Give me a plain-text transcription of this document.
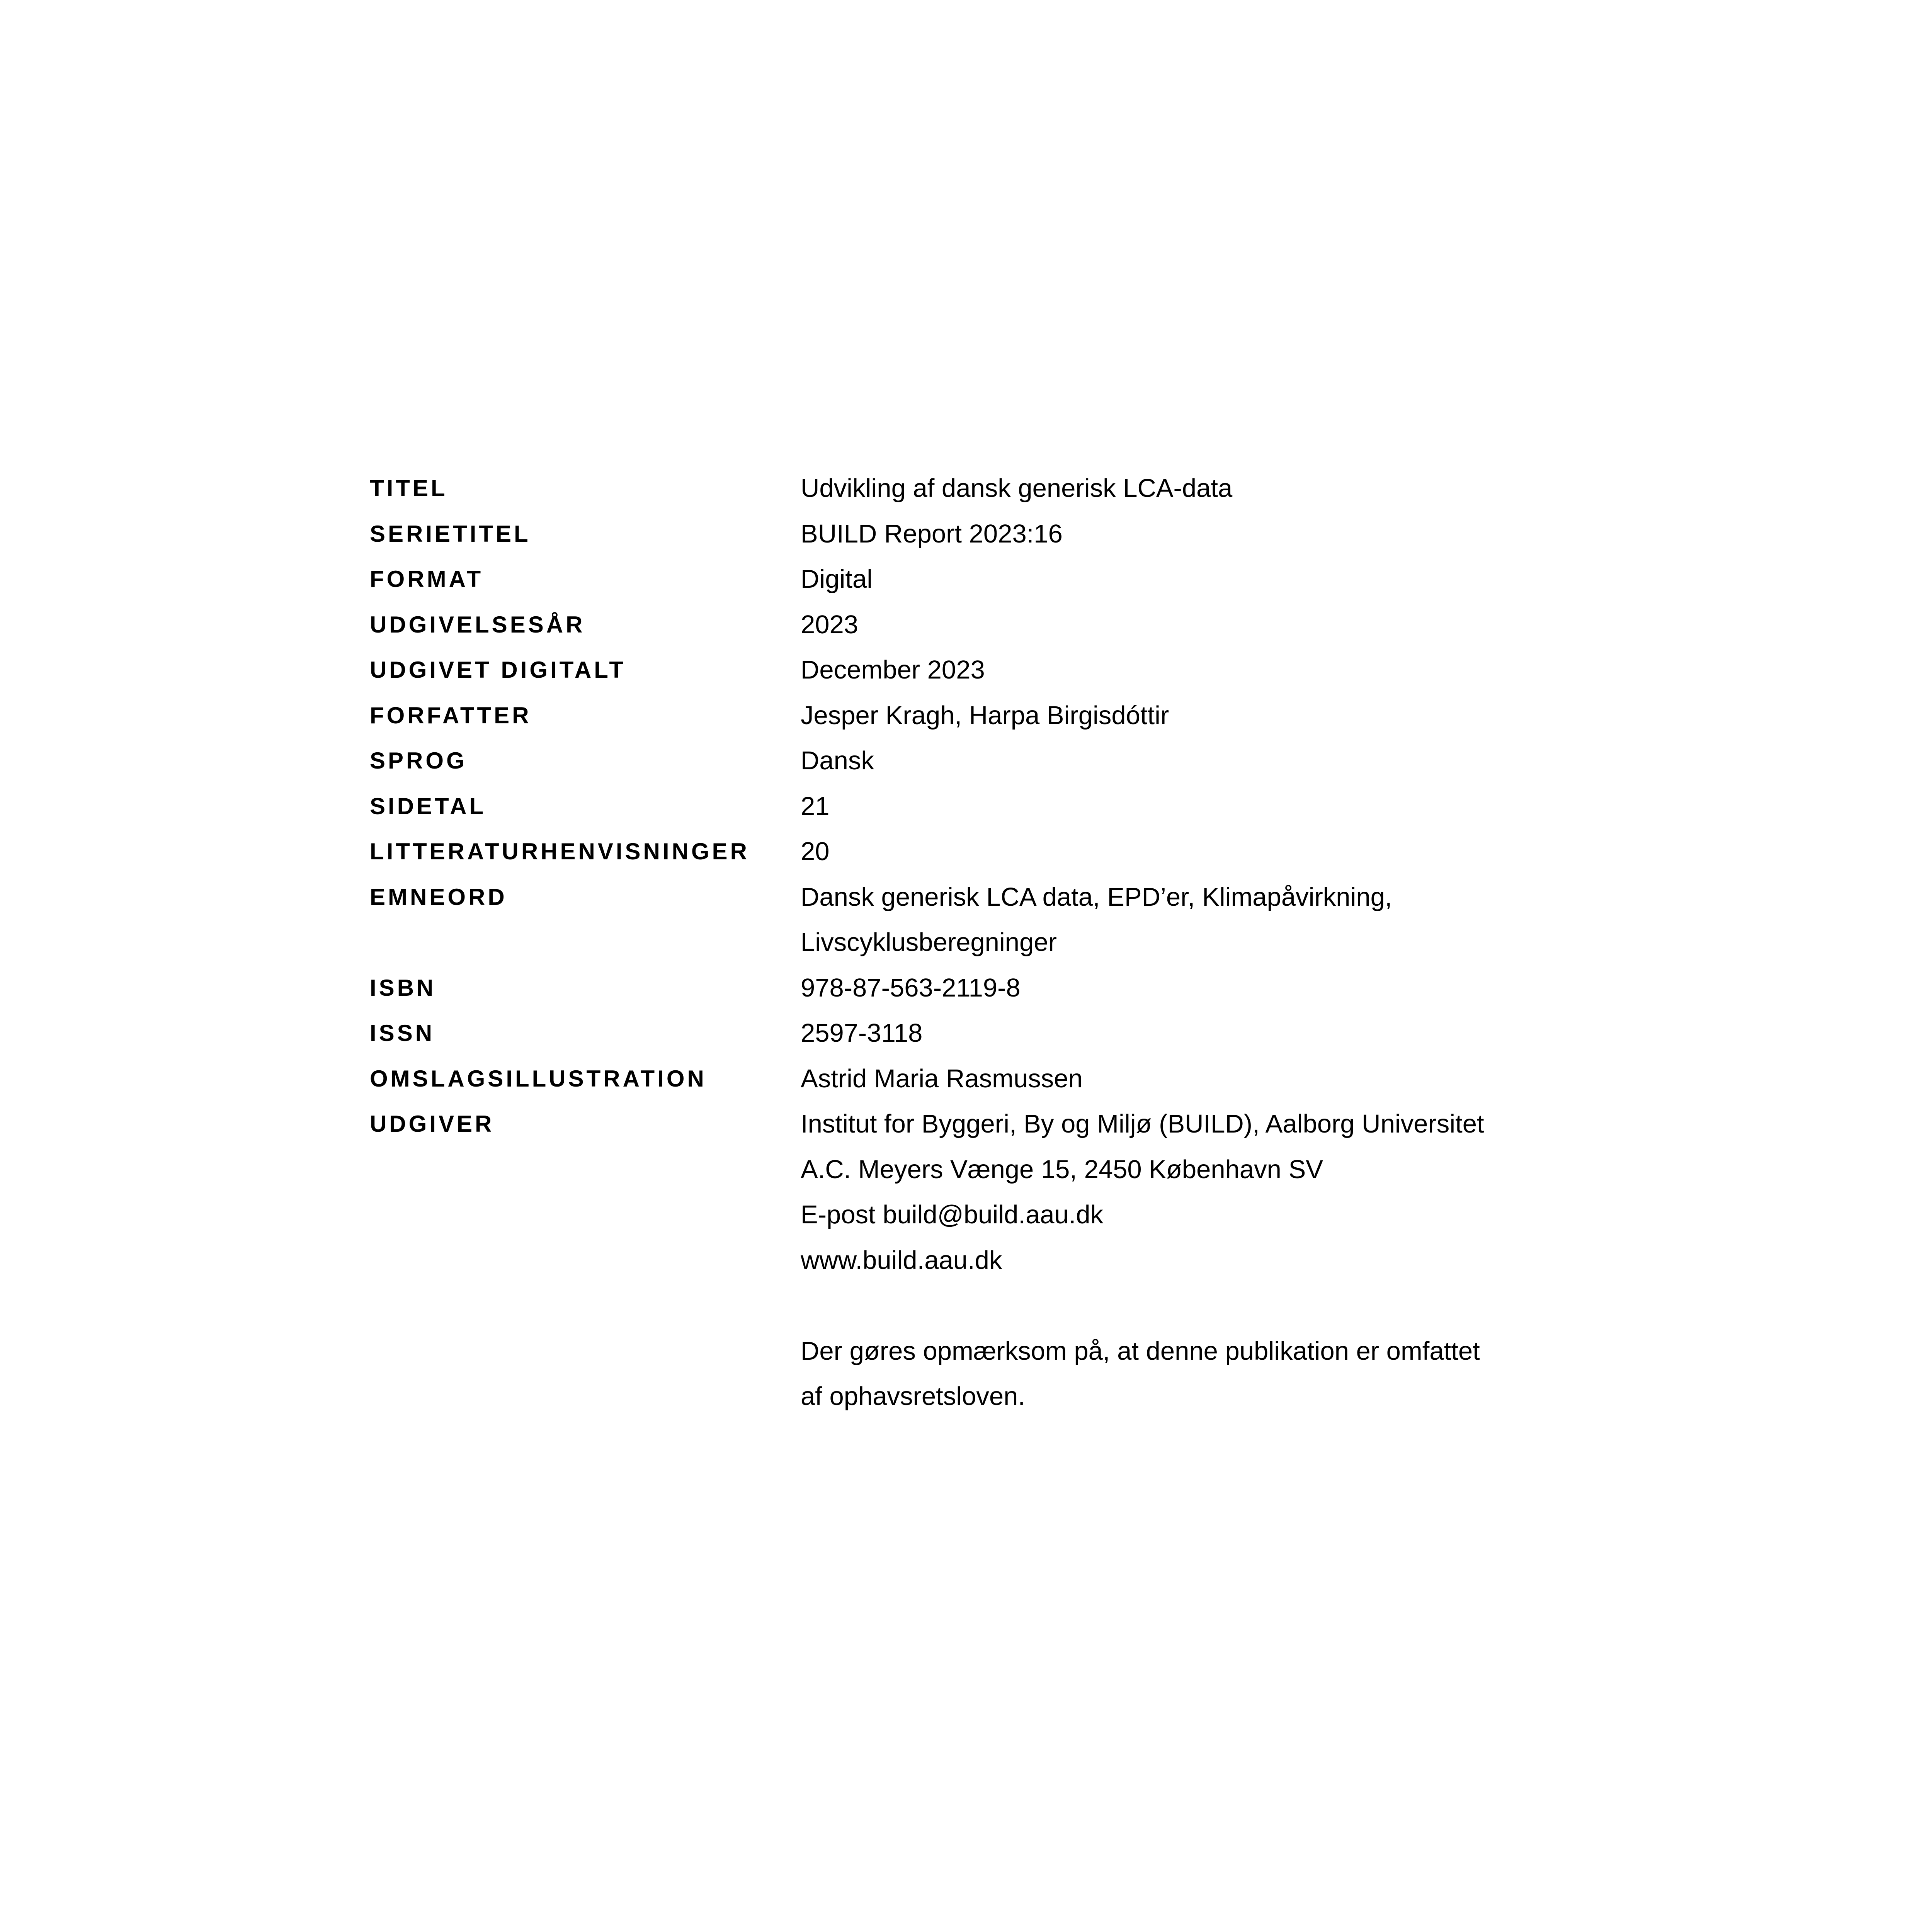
TITEL	Udvikling af dansk generisk LCA-data
SERIETITEL	BUILD Report 2023:16
FORMAT	Digital
UDGIVELSESÅR	2023
UDGIVET DIGITALT	December 2023
FORFATTER	Jesper Kragh, Harpa Birgisdóttir
SPROG	Dansk
SIDETAL	21
LITTERATURHENVISNINGER	20
EMNEORD	Dansk generisk LCA data, EPD’er, Klimapåvirkning,
Livscyklusberegninger
ISBN	978-87-563-2119-8
ISSN	2597-3118
OMSLAGSILLUSTRATION	Astrid Maria Rasmussen
UDGIVER	Institut for Byggeri, By og Miljø (BUILD), Aalborg Universitet
A.C. Meyers Vænge 15, 2450 København SV
E-post build@build.aau.dk
www.build.aau.dk
Der gøres opmærksom på, at denne publikation er omfattet
af ophavsretsloven.
